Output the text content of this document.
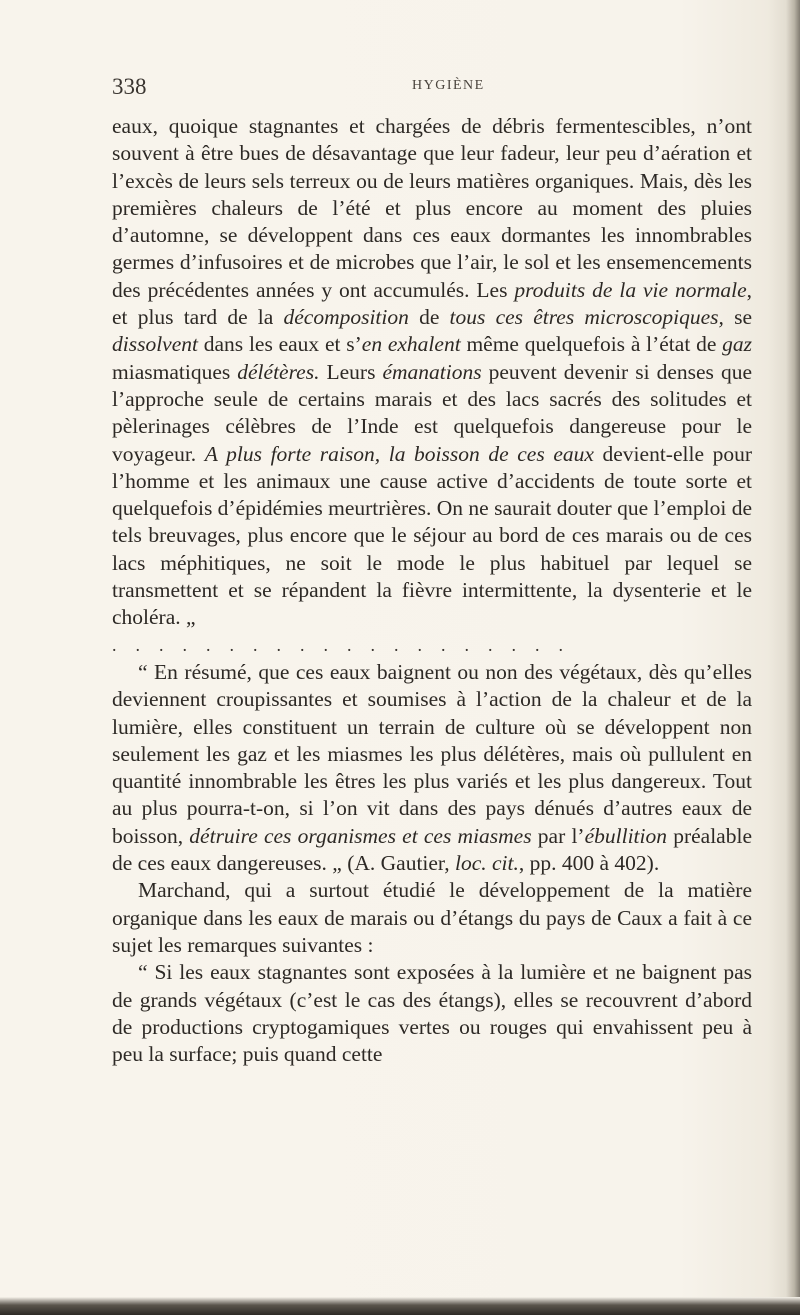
338	HYGIÈNE

eaux, quoique stagnantes et chargées de débris fermentescibles, n’ont souvent à être bues de désavantage que leur fadeur, leur peu d’aération et l’excès de leurs sels terreux ou de leurs matières organiques. Mais, dès les premières chaleurs de l’été et plus encore au moment des pluies d’automne, se développent dans ces eaux dormantes les innombrables germes d’infusoires et de microbes que l’air, le sol et les ensemencements des précédentes années y ont accumulés. Les produits de la vie normale, et plus tard de la décomposition de tous ces êtres microscopiques, se dissolvent dans les eaux et s’en exhalent même quelquefois à l’état de gaz miasmatiques délétères. Leurs émanations peuvent devenir si denses que l’approche seule de certains marais et des lacs sacrés des solitudes et pèlerinages célèbres de l’Inde est quelquefois dangereuse pour le voyageur. A plus forte raison, la boisson de ces eaux devient-elle pour l’homme et les animaux une cause active d’accidents de toute sorte et quelquefois d’épidémies meurtrières. On ne saurait douter que l’emploi de tels breuvages, plus encore que le séjour au bord de ces marais ou de ces lacs méphitiques, ne soit le mode le plus habituel par lequel se transmettent et se répandent la fièvre intermittente, la dysenterie et le choléra. „

....................

“ En résumé, que ces eaux baignent ou non des végétaux, dès qu’elles deviennent croupissantes et soumises à l’action de la chaleur et de la lumière, elles constituent un terrain de culture où se développent non seulement les gaz et les miasmes les plus délétères, mais où pullulent en quantité innombrable les êtres les plus variés et les plus dangereux. Tout au plus pourra-t-on, si l’on vit dans des pays dénués d’autres eaux de boisson, détruire ces organismes et ces miasmes par l’ébullition préalable de ces eaux dangereuses. „ (A. Gautier, loc. cit., pp. 400 à 402).

Marchand, qui a surtout étudié le développement de la matière organique dans les eaux de marais ou d’étangs du pays de Caux a fait à ce sujet les remarques suivantes :

“ Si les eaux stagnantes sont exposées à la lumière et ne baignent pas de grands végétaux (c’est le cas des étangs), elles se recouvrent d’abord de productions cryptogamiques vertes ou rouges qui envahissent peu à peu la surface; puis quand cette
